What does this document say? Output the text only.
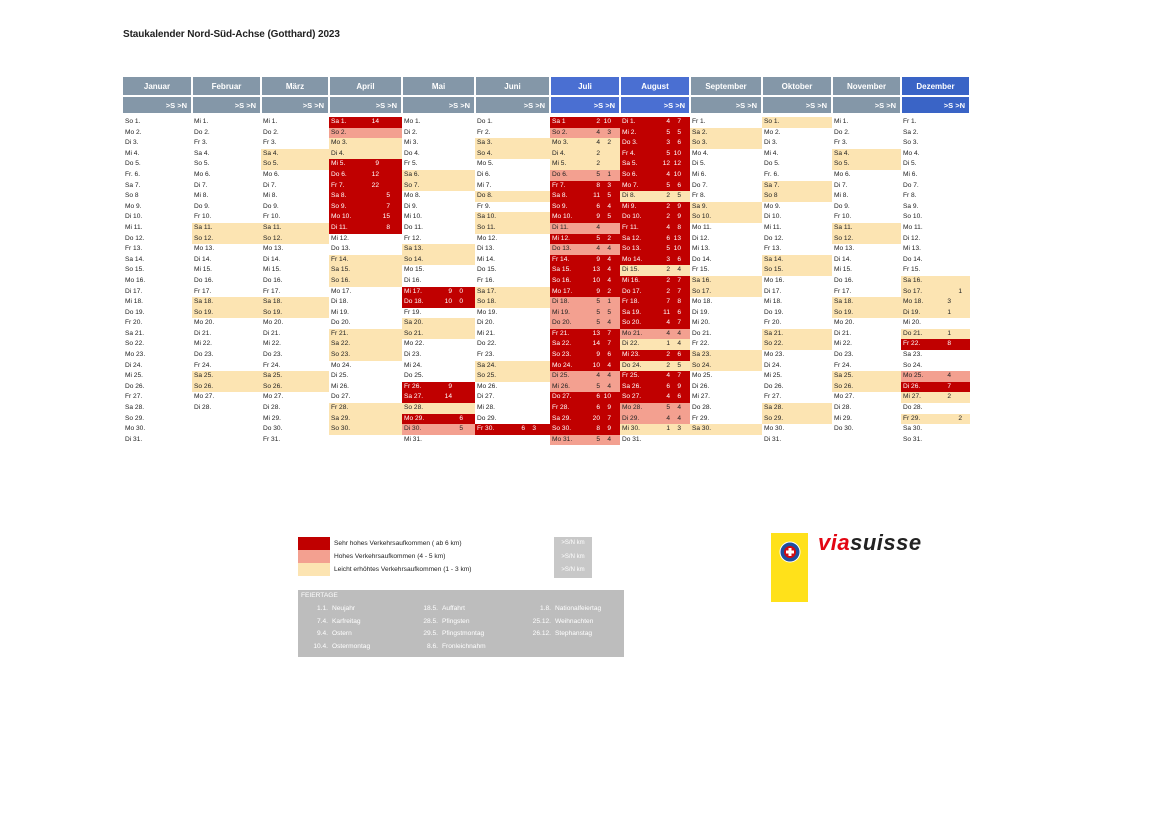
Staukalender Nord-Süd-Achse (Gotthard) 2023
Januar	Februar	März	April	Mai	Juni	Juli	August	September	Oktober	November	Dezember
>S >N	>S >N	>S >N	>S >N	>S >N	>S >N	>S >N	>S >N	>S >N	>S >N	>S >N	>S >N

So 1.	Mi 1.	Mi 1.	Sa 1. 14	Mo 1.	Do 1.	Sa 1 2 10	Di 1. 4 7	Fr 1.	So 1.	Mi 1.	Fr 1.
Mo 2.	Do 2.	Do 2.	So 2.	Di 2.	Fr 2.	So 2. 4 3	Mi 2. 5 5	Sa 2.	Mo 2.	Do 2.	Sa 2.
Di 3.	Fr 3.	Fr 3.	Mo 3.	Mi 3.	Sa 3.	Mo 3. 4 2	Do 3. 3 6	So 3.	Di 3.	Fr 3.	So 3.
Mi 4.	Sa 4.	Sa 4.	Di 4.	Do 4.	So 4.	Di 4. 2	Fr 4. 5 10	Mo 4.	Mi 4.	Sa 4.	Mo 4.
Do 5.	So 5.	So 5.	Mi 5. 9	Fr 5.	Mo 5.	Mi 5. 2	Sa 5. 12 12	Di 5.	Do 5.	So 5.	Di 5.
Fr. 6.	Mo 6.	Mo 6.	Do 6. 12	Sa 6.	Di 6.	Do 6. 5 1	So 6. 4 10	Mi 6.	Fr. 6.	Mo 6.	Mi 6.
Sa 7.	Di 7.	Di 7.	Fr 7. 22	So 7.	Mi 7.	Fr 7. 8 3	Mo 7. 5 6	Do 7.	Sa 7.	Di 7.	Do 7.
So 8	Mi 8.	Mi 8.	Sa 8. 5	Mo 8.	Do 8.	Sa 8. 11 5	Di 8. 2 5	Fr 8.	So 8	Mi 8.	Fr 8.
Mo 9.	Do 9.	Do 9.	So 9. 7	Di 9.	Fr 9.	So 9. 6 4	Mi 9. 2 9	Sa 9.	Mo 9.	Do 9.	Sa 9.
Di 10.	Fr 10.	Fr 10.	Mo 10. 15	Mi 10.	Sa 10.	Mo 10. 9 5	Do 10. 2 9	So 10.	Di 10.	Fr 10.	So 10.
Mi 11.	Sa 11.	Sa 11.	Di 11. 8	Do 11.	So 11.	Di 11. 4	Fr 11. 4 8	Mo 11.	Mi 11.	Sa 11.	Mo 11.
Do 12.	So 12.	So 12.	Mi 12.	Fr 12.	Mo 12.	Mi 12. 5 2	Sa 12. 6 13	Di 12.	Do 12.	So 12.	Di 12.
Fr 13.	Mo 13.	Mo 13.	Do 13.	Sa 13.	Di 13.	Do 13. 4 4	So 13. 5 10	Mi 13.	Fr 13.	Mo 13.	Mi 13.
Sa 14.	Di 14.	Di 14.	Fr 14.	So 14.	Mi 14.	Fr 14. 9 4	Mo 14. 3 6	Do 14.	Sa 14.	Di 14.	Do 14.
So 15.	Mi 15.	Mi 15.	Sa 15.	Mo 15.	Do 15.	Sa 15. 13 4	Di 15. 2 4	Fr 15.	So 15.	Mi 15.	Fr 15.
Mo 16.	Do 16.	Do 16.	So 16.	Di 16.	Fr 16.	So 16. 10 4	Mi 16. 2 7	Sa 16.	Mo 16.	Do 16.	Sa 16.
Di 17.	Fr 17.	Fr 17.	Mo 17.	Mi 17. 9 0	Sa 17.	Mo 17. 9 2	Do 17. 2 7	So 17.	Di 17.	Fr 17.	So 17. 1
Mi 18.	Sa 18.	Sa 18.	Di 18.	Do 18. 10 0	So 18.	Di 18. 5 1	Fr 18. 7 8	Mo 18.	Mi 18.	Sa 18.	Mo 18. 3
Do 19.	So 19.	So 19.	Mi 19.	Fr 19.	Mo 19.	Mi 19. 5 5	Sa 19. 11 6	Di 19.	Do 19.	So 19.	Di 19. 1
Fr 20.	Mo 20.	Mo 20.	Do 20.	Sa 20.	Di 20.	Do 20. 5 4	So 20. 4 7	Mi 20.	Fr 20.	Mo 20.	Mi 20.
Sa 21.	Di 21.	Di 21.	Fr 21.	So 21.	Mi 21.	Fr 21. 13 7	Mo 21. 4 4	Do 21.	Sa 21.	Di 21.	Do 21. 1
So 22.	Mi 22.	Mi 22.	Sa 22.	Mo 22.	Do 22.	Sa 22. 14 7	Di 22. 1 4	Fr 22.	So 22.	Mi 22.	Fr 22. 8
Mo 23.	Do 23.	Do 23.	So 23.	Di 23.	Fr 23.	So 23. 9 6	Mi 23. 2 6	Sa 23.	Mo 23.	Do 23.	Sa 23.
Di 24.	Fr 24.	Fr 24.	Mo 24.	Mi 24.	Sa 24.	Mo 24. 10 4	Do 24. 2 5	So 24.	Di 24.	Fr 24.	So 24.
Mi 25.	Sa 25.	Sa 25.	Di 25.	Do 25.	So 25.	Di 25. 4 4	Fr 25. 4 7	Mo 25.	Mi 25.	Sa 25.	Mo 25. 4
Do 26.	So 26.	So 26.	Mi 26.	Fr 26. 9	Mo 26.	Mi 26. 5 4	Sa 26. 6 9	Di 26.	Do 26.	So 26.	Di 26. 7
Fr 27.	Mo 27.	Mo 27.	Do 27.	Sa 27. 14	Di 27.	Do 27. 6 10	So 27. 4 6	Mi 27.	Fr 27.	Mo 27.	Mi 27. 2
Sa 28.	Di 28.	Di 28.	Fr 28.	So 28.	Mi 28.	Fr 28. 6 9	Mo 28. 5 4	Do 28.	Sa 28.	Di 28.	Do 28.
So 29.		Mi 29.	Sa 29.	Mo 29. 6	Do 29.	Sa 29. 20 7	Di 29. 4 4	Fr 29.	So 29.	Mi 29.	Fr 29. 2
Mo 30.		Do 30.	So 30.	Di 30. 5	Fr 30. 6 3	So 30. 8 9	Mi 30. 1 3	Sa 30.	Mo 30.	Do 30.	Sa 30.
Di 31.		Fr 31.		Mi 31.		Mo 31. 5 4	Do 31.		Di 31.		So 31.
Sehr hohes Verkehrsaufkommen ( ab 6 km)
Hohes Verkehrsaufkommen (4 - 5 km)
Leicht erhöhtes Verkehrsaufkommen (1 - 3 km)
>S/N km
>S/N km
>S/N km
FEIERTAGE
1.1. Neujahr
7.4. Karfreitag
9.4. Ostern
10.4. Ostermontag
18.5. Auffahrt
28.5. Pfingsten
29.5. Pfingstmontag
8.6. Fronleichnahm
1.8. Nationalfeiertag
25.12. Weihnachten
26.12. Stephanstag
viasuisse
